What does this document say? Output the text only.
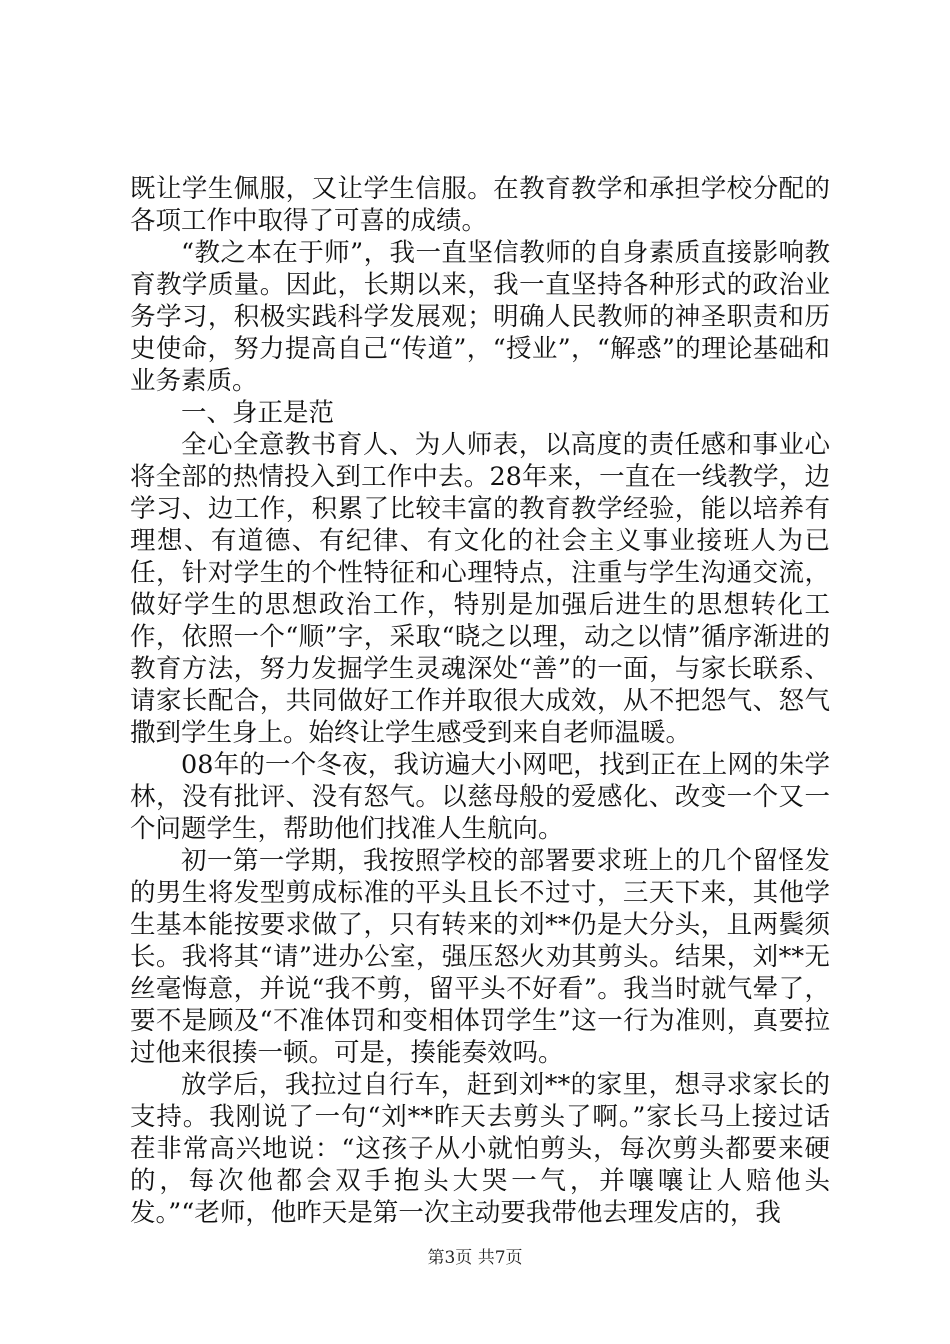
既让学生佩服，又让学生信服。在教育教学和承担学校分配的各项工作中取得了可喜的成绩。

“教之本在于师”，我一直坚信教师的自身素质直接影响教育教学质量。因此，长期以来，我一直坚持各种形式的政治业务学习，积极实践科学发展观；明确人民教师的神圣职责和历史使命，努力提高自己“传道”，“授业”，“解惑”的理论基础和业务素质。

一、身正是范

全心全意教书育人、为人师表，以高度的责任感和事业心将全部的热情投入到工作中去。28年来，一直在一线教学，边学习、边工作，积累了比较丰富的教育教学经验，能以培养有理想、有道德、有纪律、有文化的社会主义事业接班人为已任，针对学生的个性特征和心理特点，注重与学生沟通交流，做好学生的思想政治工作，特别是加强后进生的思想转化工作，依照一个“顺”字，采取“晓之以理，动之以情”循序渐进的教育方法，努力发掘学生灵魂深处“善”的一面，与家长联系、请家长配合，共同做好工作并取很大成效，从不把怨气、怒气撒到学生身上。始终让学生感受到来自老师温暖。

08年的一个冬夜，我访遍大小网吧，找到正在上网的朱学林，没有批评、没有怒气。以慈母般的爱感化、改变一个又一个问题学生，帮助他们找准人生航向。

初一第一学期，我按照学校的部署要求班上的几个留怪发的男生将发型剪成标准的平头且长不过寸，三天下来，其他学生基本能按要求做了，只有转来的刘**仍是大分头，且两鬓须长。我将其“请”进办公室，强压怒火劝其剪头。结果，刘**无丝毫悔意，并说“我不剪，留平头不好看”。我当时就气晕了，要不是顾及“不准体罚和变相体罚学生”这一行为准则，真要拉过他来很揍一顿。可是，揍能奏效吗。

放学后，我拉过自行车，赶到刘**的家里，想寻求家长的支持。我刚说了一句“刘**昨天去剪头了啊。”家长马上接过话茬非常高兴地说：“这孩子从小就怕剪头，每次剪头都要来硬的，每次他都会双手抱头大哭一气，并嚷嚷让人赔他头发。”“老师，他昨天是第一次主动要我带他去理发店的，我

第3页 共7页
